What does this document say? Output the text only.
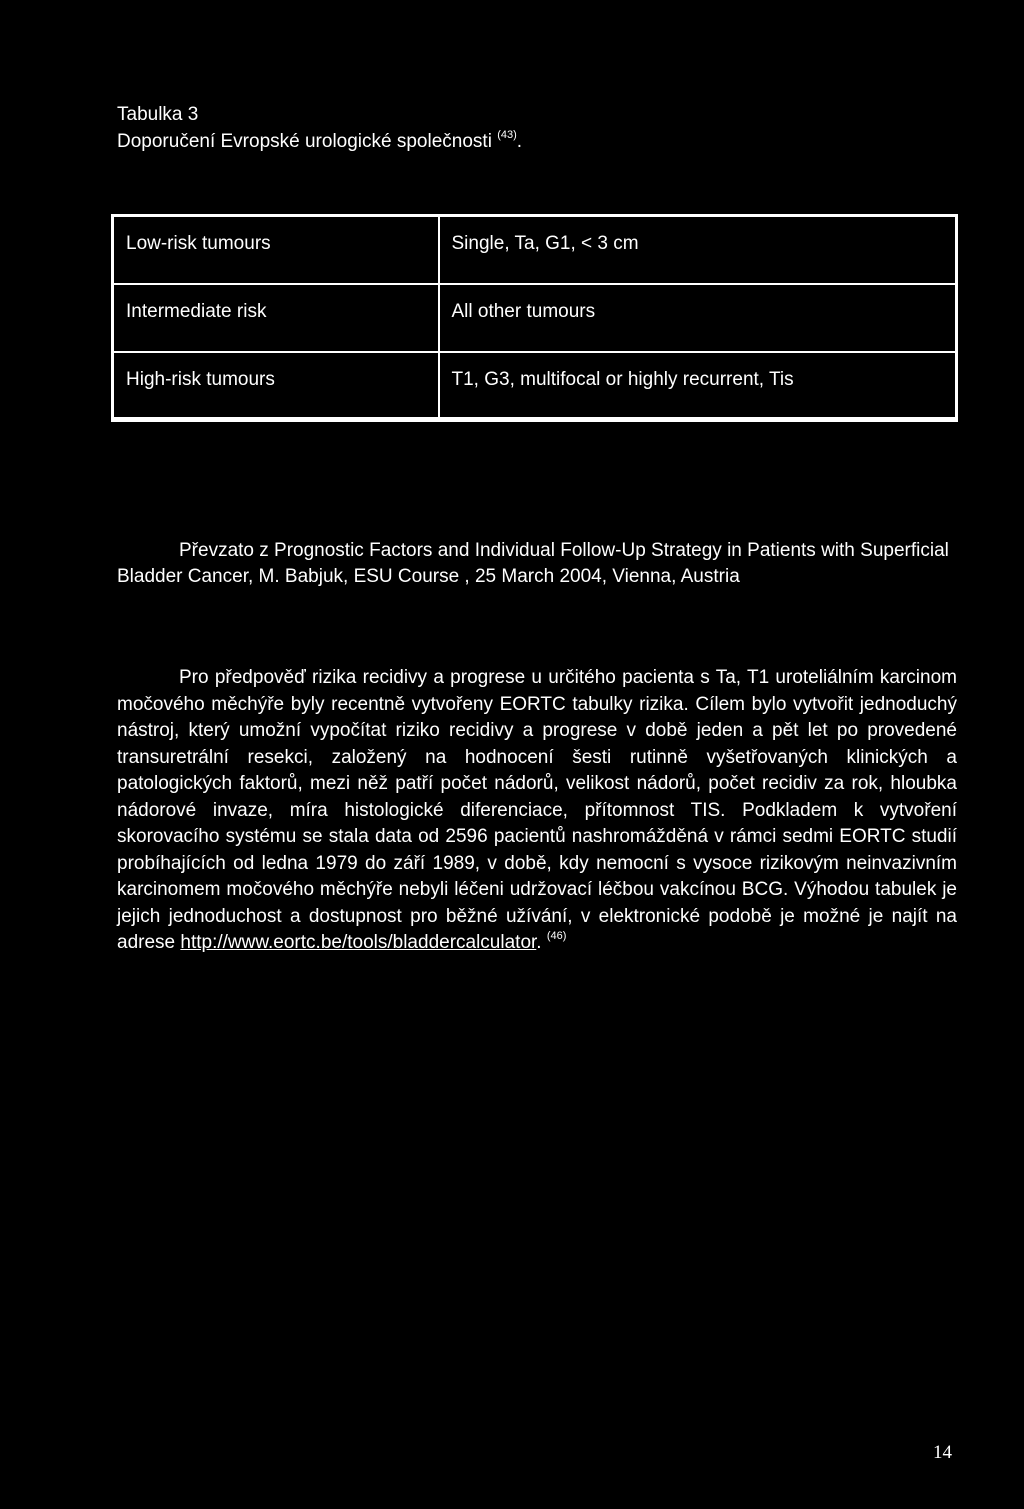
Tabulka 3
Doporučení Evropské urologické společnosti $^{(43)}$.
Low-risk tumours	Single, Ta, G1, < 3 cm
Intermediate risk	All other tumours
High-risk tumours	T1, G3, multifocal or highly recurrent, Tis

Převzato z Prognostic Factors and Individual Follow-Up Strategy in Patients with Superficial Bladder Cancer, M. Babjuk, ESU Course , 25 March 2004, Vienna, Austria

Pro předpověď rizika recidivy a progrese u určitého pacienta s Ta, T1 uroteliálním karcinom močového měchýře byly recentně vytvořeny EORTC tabulky rizika. Cílem bylo vytvořit jednoduchý nástroj, který umožní vypočítat riziko recidivy a progrese v době jeden a pět let po provedené transuretrální resekci, založený na hodnocení šesti rutinně vyšetřovaných klinických a patologických faktorů, mezi něž patří počet nádorů, velikost nádorů, počet recidiv za rok, hloubka nádorové invaze, míra histologické diferenciace, přítomnost TIS. Podkladem k vytvoření skorovacího systému se stala data od 2596 pacientů nashromážděná v rámci sedmi EORTC studií probíhajících od ledna 1979 do září 1989, v době, kdy nemocní s vysoce rizikovým neinvazivním karcinomem močového měchýře nebyli léčeni udržovací léčbou vakcínou BCG. Výhodou tabulek je jejich jednoduchost a dostupnost pro běžné užívání, v elektronické podobě je možné je najít na adrese http://www.eortc.be/tools/bladdercalculator. $^{(46)}$

14
